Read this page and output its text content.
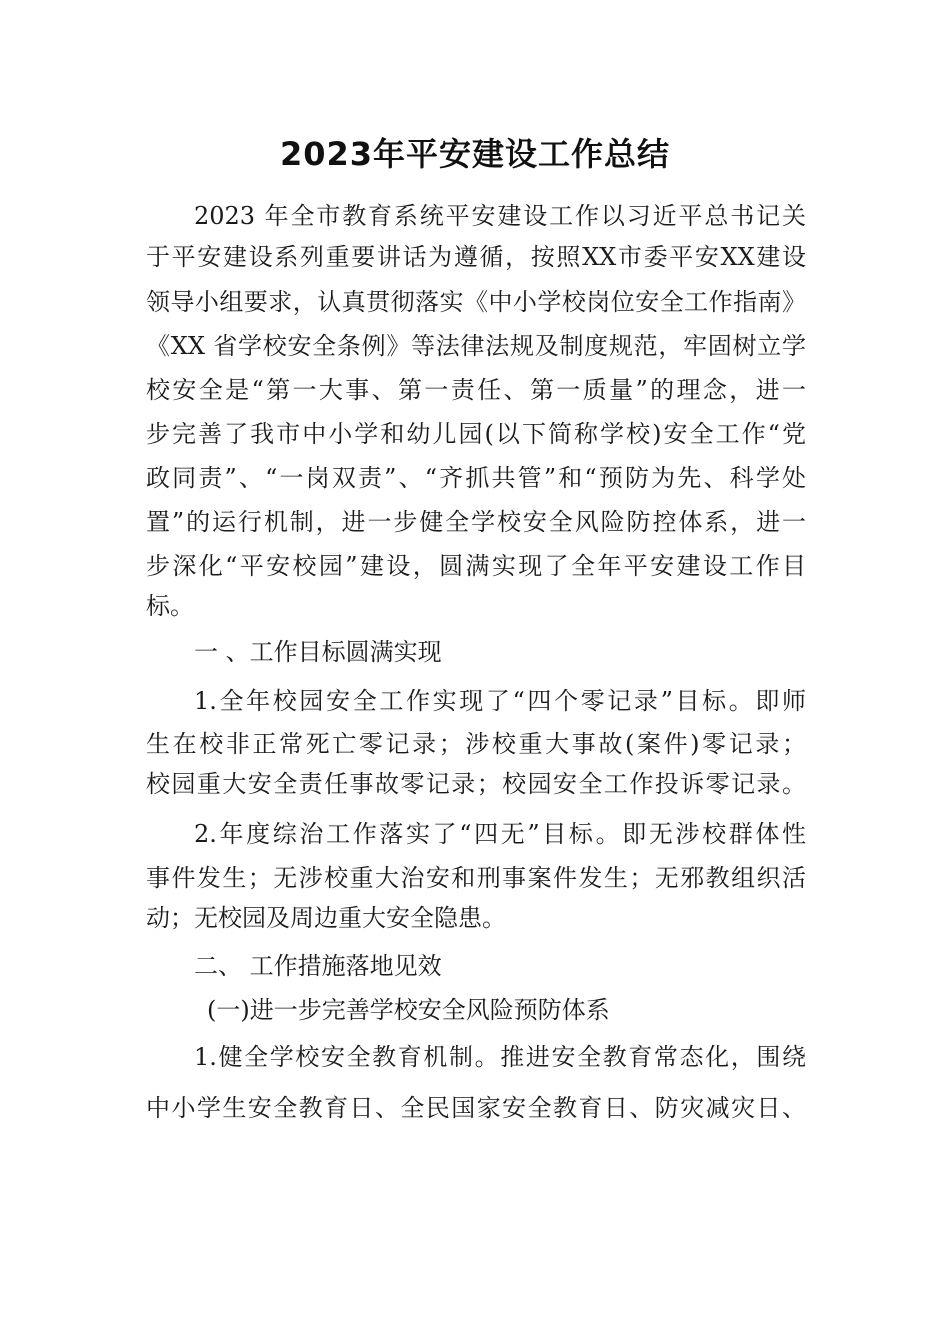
2023年平安建设工作总结
2023 年全市教育系统平安建设工作以习近平总书记关
于平安建设系列重要讲话为遵循，按照XX市委平安XX建设
领导小组要求，认真贯彻落实《中小学校岗位安全工作指南》
《XX 省学校安全条例》等法律法规及制度规范，牢固树立学
校安全是“第一大事、第一责任、第一质量”的理念，进一
步完善了我市中小学和幼儿园(以下简称学校)安全工作“党
政同责”、“一岗双责”、“齐抓共管”和“预防为先、科学处
置”的运行机制，进一步健全学校安全风险防控体系，进一
步深化“平安校园”建设，圆满实现了全年平安建设工作目
标。
一 、工作目标圆满实现
1.全年校园安全工作实现了“四个零记录”目标。即师
生在校非正常死亡零记录；涉校重大事故(案件)零记录；
校园重大安全责任事故零记录；校园安全工作投诉零记录。
2.年度综治工作落实了“四无”目标。即无涉校群体性
事件发生；无涉校重大治安和刑事案件发生；无邪教组织活
动；无校园及周边重大安全隐患。
二、 工作措施落地见效
(一)进一步完善学校安全风险预防体系
1.健全学校安全教育机制。推进安全教育常态化，围绕
中小学生安全教育日、全民国家安全教育日、防灾减灾日、
